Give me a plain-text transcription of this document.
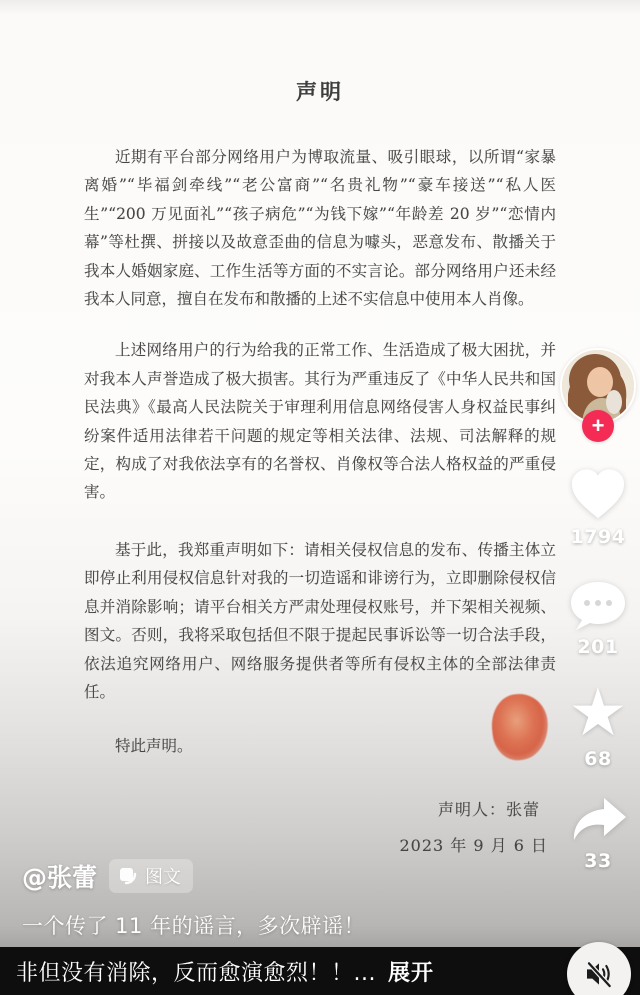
声明

近期有平台部分网络用户为博取流量、吸引眼球，以所谓“家暴离婚”“毕福剑牵线”“老公富商”“名贵礼物”“豪车接送”“私人医生”“200 万见面礼”“孩子病危”“为钱下嫁”“年龄差 20 岁”“恋情内幕”等杜撰、拼接以及故意歪曲的信息为噱头，恶意发布、散播关于我本人婚姻家庭、工作生活等方面的不实言论。部分网络用户还未经我本人同意，擅自在发布和散播的上述不实信息中使用本人肖像。

上述网络用户的行为给我的正常工作、生活造成了极大困扰，并对我本人声誉造成了极大损害。其行为严重违反了《中华人民共和国民法典》《最高人民法院关于审理利用信息网络侵害人身权益民事纠纷案件适用法律若干问题的规定等相关法律、法规、司法解释的规定，构成了对我依法享有的名誉权、肖像权等合法人格权益的严重侵害。

基于此，我郑重声明如下：请相关侵权信息的发布、传播主体立即停止利用侵权信息针对我的一切造谣和诽谤行为，立即删除侵权信息并消除影响；请平台相关方严肃处理侵权账号，并下架相关视频、图文。否则，我将采取包括但不限于提起民事诉讼等一切合法手段，依法追究网络用户、网络服务提供者等所有侵权主体的全部法律责任。

特此声明。
声明人：张蕾
2023 年 9 月 6 日
+
1794
201
★
68
33
@张蕾	图文
一个传了 11 年的谣言，多次辟谣！
非但没有消除，反而愈演愈烈！！... 展开
